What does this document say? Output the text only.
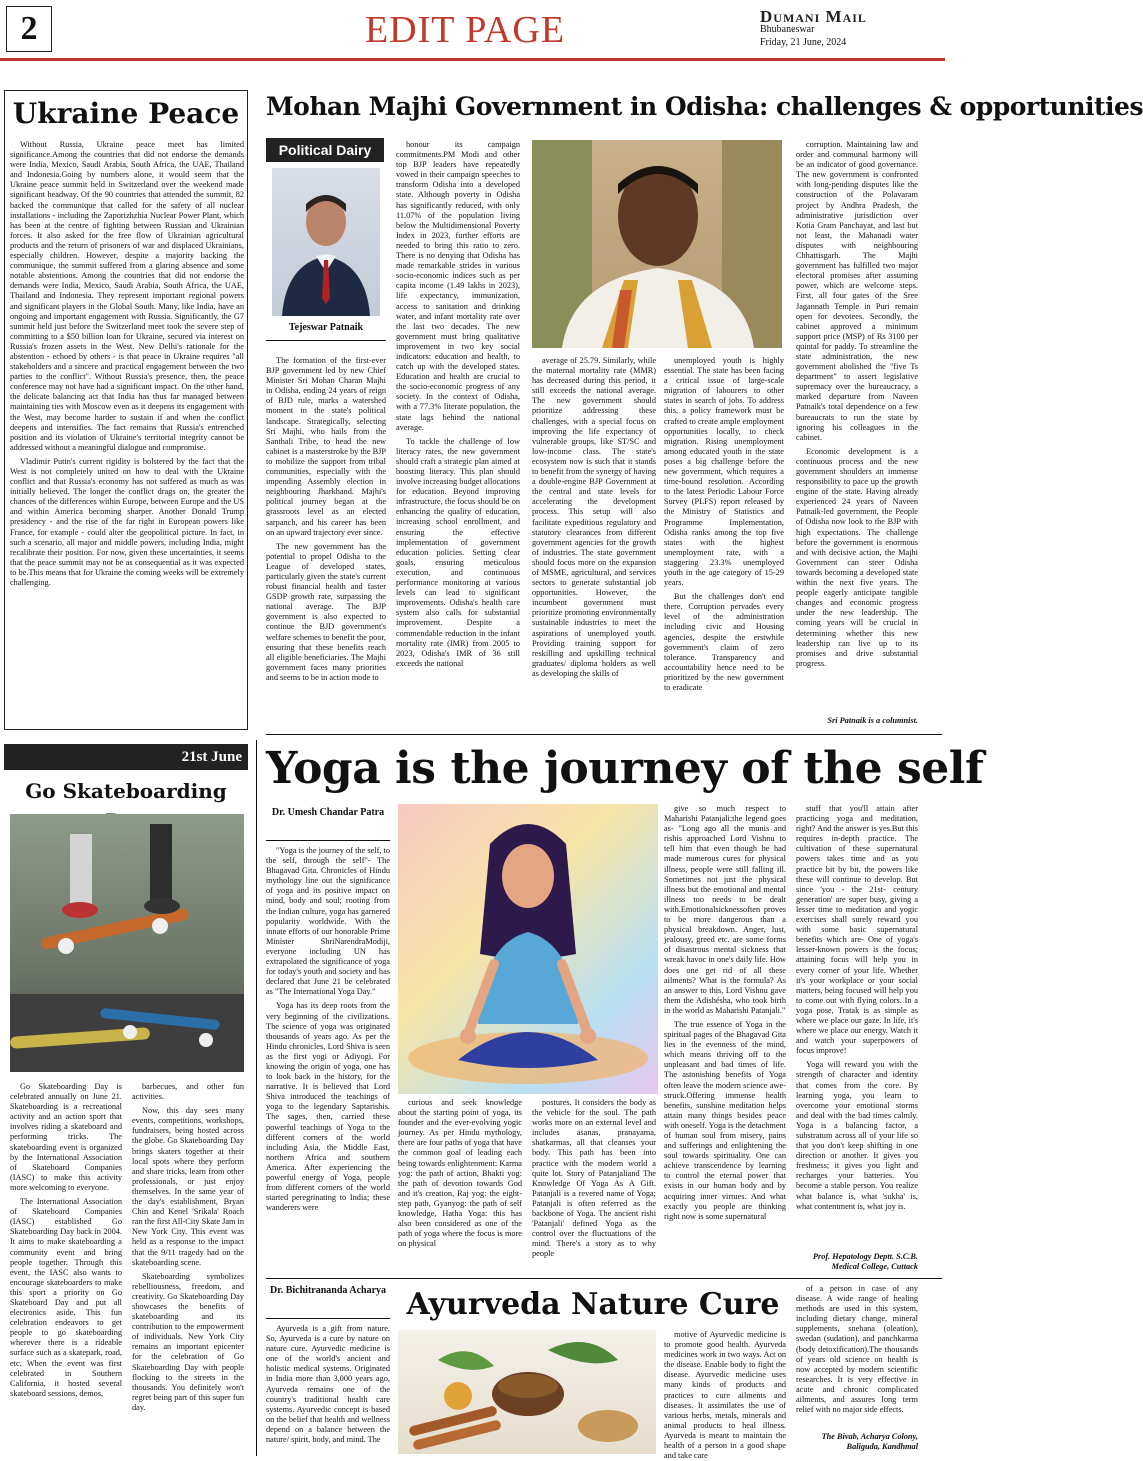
2	EDIT PAGE	Dumani Mail
Bhubaneswar
Friday, 21 June, 2024
Ukraine Peace

Without Russia, Ukraine peace meet has limited significance.Among the countries that did not endorse the demands were India, Mexico, Saudi Arabia, South Africa, the UAE, Thailand and Indonesia.Going by numbers alone, it would seem that the Ukraine peace summit held in Switzerland over the weekend made significant headway. Of the 90 countries that attended the summit, 82 backed the communique that called for the safety of all nuclear installations - including the Zaporizhzhia Nuclear Power Plant, which has been at the centre of fighting between Russian and Ukrainian forces. It also asked for the free flow of Ukrainian agricultural products and the return of prisoners of war and displaced Ukrainians, especially children. However, despite a majority backing the communique, the summit suffered from a glaring absence and some notable abstentions. Among the countries that did not endorse the demands were India, Mexico, Saudi Arabia, South Africa, the UAE, Thailand and Indonesia. They represent important regional powers and significant players in the Global South. Many, like India, have an ongoing and important engagement with Russia. Significantly, the G7 summit held just before the Switzerland meet took the severe step of committing to a $50 billion loan for Ukraine, secured via interest on Russia's frozen assets in the West. New Delhi's rationale for the abstention - echoed by others - is that peace in Ukraine requires "all stakeholders and a sincere and practical engagement between the two parties to the conflict". Without Russia's presence, then, the peace conference may not have had a significant impact. On the other hand, the delicate balancing act that India has thus far managed between maintaining ties with Moscow even as it deepens its engagement with the West, may become harder to sustain if and when the conflict deepens and intensifies. The fact remains that Russia's entrenched position and its violation of Ukraine's territorial integrity cannot be addressed without a meaningful dialogue and compromise.

Vladimir Putin's current rigidity is bolstered by the fact that the West is not completely united on how to deal with the Ukraine conflict and that Russia's economy has not suffered as much as was initially believed. The longer the conflict drags on, the greater the chances of the differences within Europe, between Europe and the US and within America becoming sharper. Another Donald Trump presidency - and the rise of the far right in European powers like France, for example - could alter the geopolitical picture. In fact, in such a scenario, all major and middle powers, including India, might recalibrate their position. For now, given these uncertainties, it seems that the peace summit may not be as consequential as it was expected to be.This means that for Ukraine the coming weeks will be extremely challenging.

Mohan Majhi Government in Odisha: challenges & opportunities
Political Dairy
Tejeswar Patnaik

The formation of the first-ever BJP government led by new Chief Minister Sri Mohan Charan Majhi in Odisha, ending 24 years of reign of BJD rule, marks a watershed moment in the state's political landscape. Strategically, selecting Sri Majhi, who hails from the Santhali Tribe, to head the new cabinet is a masterstroke by the BJP to mobilize the support from tribal communities, especially with the impending Assembly election in neighbouring Jharkhand. Majhi's political journey began at the grassroots level as an elected sarpanch, and his career has been on an upward trajectory ever since.

The new government has the potential to propel Odisha to the League of developed states, particularly given the state's current robust financial health and faster GSDP growth rate, surpassing the national average. The BJP government is also expected to continue the BJD government's welfare schemes to benefit the poor, ensuring that these benefits reach all eligible beneficiaries. The Majhi government faces many priorities and seems to be in action mode to

honour its campaign commitments.PM Modi and other top BJP leaders have repeatedly vowed in their campaign speeches to transform Odisha into a developed state. Although poverty in Odisha has significantly reduced, with only 11.07% of the population living below the Multidimensional Poverty Index in 2023, further efforts are needed to bring this ratio to zero. There is no denying that Odisha has made remarkable strides in various socio-economic indices such as per capita income (1.49 lakhs in 2023), life expectancy, immunization, access to sanitation and drinking water, and infant mortality rate over the last two decades. The new government must bring qualitative improvement in two key social indicators: education and health, to catch up with the developed states. Education and health are crucial to the socio-economic progress of any society. In the context of Odisha, with a 77.3% literate population, the state lags behind the national average.

To tackle the challenge of low literacy rates, the new government should craft a strategic plan aimed at boosting literacy. This plan should involve increasing budget allocations for education. Beyond improving infrastructure, the focus should be on enhancing the quality of education, increasing school enrollment, and ensuring the effective implementation of government education policies. Setting clear goals, ensuring meticulous execution, and continuous performance monitoring at various levels can lead to significant improvements. Odisha's health care system also calls for substantial improvement. Despite a commendable reduction in the infant mortality rate (IMR) from 2005 to 2023, Odisha's IMR of 36 still exceeds the national

average of 25.79. Similarly, while the maternal mortality rate (MMR) has decreased during this period, it still exceeds the national average. The new government should prioritize addressing these challenges, with a special focus on improving the life expectancy of vulnerable groups, like ST/SC and low-income class. The state's ecosystem now is such that it stands to benefit from the synergy of having a double-engine BJP Government at the central and state levels for accelerating the development process. This setup will also facilitate expeditious regulatory and statutory clearances from different government agencies for the growth of industries. The state government should focus more on the expansion of MSME, agricultural, and services sectors to generate substantial job opportunities. However, the incumbent government must prioritize promoting environmentally sustainable industries to meet the aspirations of unemployed youth. Providing training support for reskilling and upskilling technical graduates/ diploma holders as well as developing the skills of

unemployed youth is highly essential. The state has been facing a critical issue of large-scale migration of labourers to other states in search of jobs. To address this, a policy framework must be crafted to create ample employment opportunities locally, to check migration. Rising unemployment among educated youth in the state poses a big challenge before the new government, which requires a time-bound resolution. According to the latest Periodic Labour Force Survey (PLFS) report released by the Ministry of Statistics and Programme Implementation, Odisha ranks among the top five states with the highest unemployment rate, with a staggering 23.3% unemployed youth in the age category of 15-29 years.

But the challenges don't end there. Corruption pervades every level of the administration including civic and Housing agencies, despite the erstwhile government's claim of zero tolerance. Transparency and accountability hence need to be prioritized by the new government to eradicate

corruption. Maintaining law and order and communal harmony will be an indicator of good governance. The new government is confronted with long-pending disputes like the construction of the Polavaram project by Andhra Pradesh, the administrative jurisdiction over Kotia Gram Panchayat, and last but not least, the Mahanadi water disputes with neighbouring Chhattisgarh. The Majhi government has fulfilled two major electoral promises after assuming power, which are welcome steps. First, all four gates of the Sree Jagannath Temple in Puri remain open for devotees. Secondly, the cabinet approved a minimum support price (MSP) of Rs 3100 per quintal for paddy. To streamline the state administration, the new government abolished the "five Ts department" to assert legislative supremacy over the bureaucracy, a marked departure from Naveen Patnaik's total dependence on a few bureaucrats to run the state by ignoring his colleagues in the cabinet.

Economic development is a continuous process and the new government shoulders an immense responsibility to pace up the growth engine of the state. Having already experienced 24 years of Naveen Patnaik-led government, the People of Odisha now look to the BJP with high expectations. The challenge before the government is enormous and with decisive action, the Majhi Government can steer Odisha towards becoming a developed state within the next five years. The people eagerly anticipate tangible changes and economic progress under the new leadership. The coming years will be crucial in determining whether this new leadership can live up to its promises and drive substantial progress.

Sri Patnaik is a columnist.
21st June
Go Skateboarding

Go Skateboarding Day is celebrated annually on June 21. Skateboarding is a recreational activity and an action sport that involves riding a skateboard and performing tricks. The skateboarding event is organized by the International Association of Skateboard Companies (IASC) to make this activity more welcoming to everyone.

The International Association of Skateboard Companies (IASC) established Go Skateboarding Day back in 2004. It aims to make skateboarding a community event and bring people together. Through this event, the IASC also wants to encourage skateboarders to make this sport a priority on Go Skateboard Day and put all electronics aside. This fun celebration endeavors to get people to go skateboarding wherever there is a rideable surface such as a skatepark, road, etc. When the event was first celebrated in Southern California, it hosted several skateboard sessions, demos,

barbecues, and other fun activities.

Now, this day sees many events, competitions, workshops, fundraisers, being hosted across the globe. Go Skateboarding Day brings skaters together at their local spots where they perform and share tricks, learn from other professionals, or just enjoy themselves. In the same year of the day's establishment, Bryan Chin and Kenel 'Srikala' Roach ran the first All-City Skate Jam in New York City. This event was held as a response to the impact that the 9/11 tragedy had on the skateboarding scene.

Skateboarding symbolizes rebelliousness, freedom, and creativity. Go Skateboarding Day showcases the benefits of skateboarding and its contribution to the empowerment of individuals. New York City remains an important epicenter for the celebration of Go Skateboarding Day with people flocking to the streets in the thousands. You definitely won't regret being part of this super fun day.

Yoga is the journey of the self
Dr. Umesh Chandar Patra

"Yoga is the journey of the self, to the self, through the self"- The Bhagavad Gita. Chronicles of Hindu mythology line out the significance of yoga and its positive impact on mind, body and soul; rooting from the Indian culture, yoga has garnered popularity worldwide. With the innate efforts of our honorable Prime Minister ShriNarendraModiji, everyone including UN has extrapolated the significance of yoga for today's youth and society and has declared that June 21 be celebrated as "The International Yoga Day."

Yoga has its deep roots from the very beginning of the civilizations. The science of yoga was originated thousands of years ago. As per the Hindu chronicles, Lord Shiva is seen as the first yogi or Adiyogi. For knowing the origin of yoga, one has to look back in the history, for the narrative. It is believed that Lord Shiva introduced the teachings of yoga to the legendary Saptarishis. The sages, then, carried these powerful teachings of Yoga to the different corners of the world including Asia, the Middle East, northern Africa and southern America. After experiencing the powerful energy of Yoga, people from different corners of the world started peregrinating to India; these wanderers were

curious and seek knowledge about the starting point of yoga, its founder and the ever-evolving yogic journey. As per Hindu mythology, there are four paths of yoga that have the common goal of leading each being towards enlightenment: Karma yog: the path of action, Bhakti yog: the path of devotion towards God and it's creation, Raj yog: the eight-step path, Gyanyog: the path of self knowledge, Hatha Yoga: this has also been considered as one of the path of yoga where the focus is more on physical

postures. It considers the body as the vehicle for the soul. The path works more on an external level and includes asanas, pranayama, shatkarmas, all that cleanses your body. This path has been into practice with the modern world a quite lot. Story of Patanjaliand The Knowledge Of Yoga As A Gift. Patanjali is a revered name of Yoga; Patanjali is often referred as the backbone of Yoga. The ancient rishi 'Patanjali' defined Yoga as the control over the fluctuations of the mind. There's a story as to why people

give so much respect to Maharishi Patanjali;the legend goes as- "Long ago all the munis and rishis approached Lord Vishnu to tell him that even though he had made numerous cures for physical illness, people were still falling ill. Sometimes not just the physical illness but the emotional and mental illness too needs to be dealt with.Emotionalsicknessoften proves to be more dangerous than a physical breakdown. Anger, lust, jealousy, greed etc. are some forms of disastrous mental sickness that wreak havoc in one's daily life. How does one get rid of all these ailments? What is the formula? As an answer to this, Lord Vishnu gave them the Adishésha, who took birth in the world as Maharishi Patanjali."

The true essence of Yoga in the spiritual pages of the Bhagavad Gita lies in the evenness of the mind, which means thriving off to the unpleasant and bad times of life. The astonishing benefits of Yoga often leave the modern science awe-struck.Offering immense health benefits, sunshine meditation helps attain many things besides peace with oneself. Yoga is the detachment of human soul from misery, pains and sufferings and enlightening the soul towards spirituality. One can achieve transcendence by learning to control the eternal power that exists in our human body and by acquiring inner virtues. And what exactly you people are thinking right now is some supernatural

stuff that you'll attain after practicing yoga and meditation, right? And the answer is yes.But this requires in-depth practice. The cultivation of these supernatural powers takes time and as you practice bit by bit, the powers like these will continue to develop. But since 'you - the 21st- century generation' are super busy, giving a lesser time to meditation and yogic exercises shall surely reward you with some basic supernatural benefits which are- One of yoga's lesser-known powers is the focus; attaining focus will help you in every corner of your life. Whether it's your workplace or your social matters, being focused will help you to come out with flying colors. In a yoga pose, Tratak is as simple as where we place our gaze. In life, it's where we place our energy. Watch it and watch your superpowers of focus improve!

Yoga will reward you with the strength of character and identity that comes from the core. By learning yoga, you learn to overcome your emotional storms and deal with the bad times calmly. Yoga is a balancing factor, a substratum across all of your life so that you don't keep shifting in one direction or another. It gives you freshness; it gives you light and recharges your batteries. You become a stable person. You realize what balance is, what 'sukha' is, what contentment is, what joy is.

Prof. Hepatology Deptt. S.C.B. Medical College, Cuttack
Dr. Bichitrananda Acharya

Ayurveda is a gift from nature. So, Ayurveda is a cure by nature on nature cure. Ayurvedic medicine is one of the world's ancient and holistic medical systems. Originated in India more than 3,000 years ago, Ayurveda remains one of the country's traditional health care systems. Ayurvedic concept is based on the belief that health and wellness depend on a balance between the nature/ spirit, body, and mind. The

Ayurveda Nature Cure

motive of Ayurvedic medicine is to promote good health. Ayurveda medicines work in two ways. Act on the disease. Enable body to fight the disease. Ayurvedic medicine uses many kinds of products and practices to cure ailments and diseases. It assimilates the use of various herbs, metals, minerals and animal products to heal illness. Ayurveda is meant to maintain the health of a person in a good shape and take care

of a person in case of any disease. A wide range of healing methods are used in this system, including dietary change, mineral supplements, snehana (oleation), swedan (sudation), and panchkarma (body detoxification).The thousands of years old science on health is now accepted by modern scientific researches. It is very effective in acute and chronic complicated ailments, and assures long term relief with no major side effects.

The Bivab, Acharya Colony, Baliguda, Kandhmal
